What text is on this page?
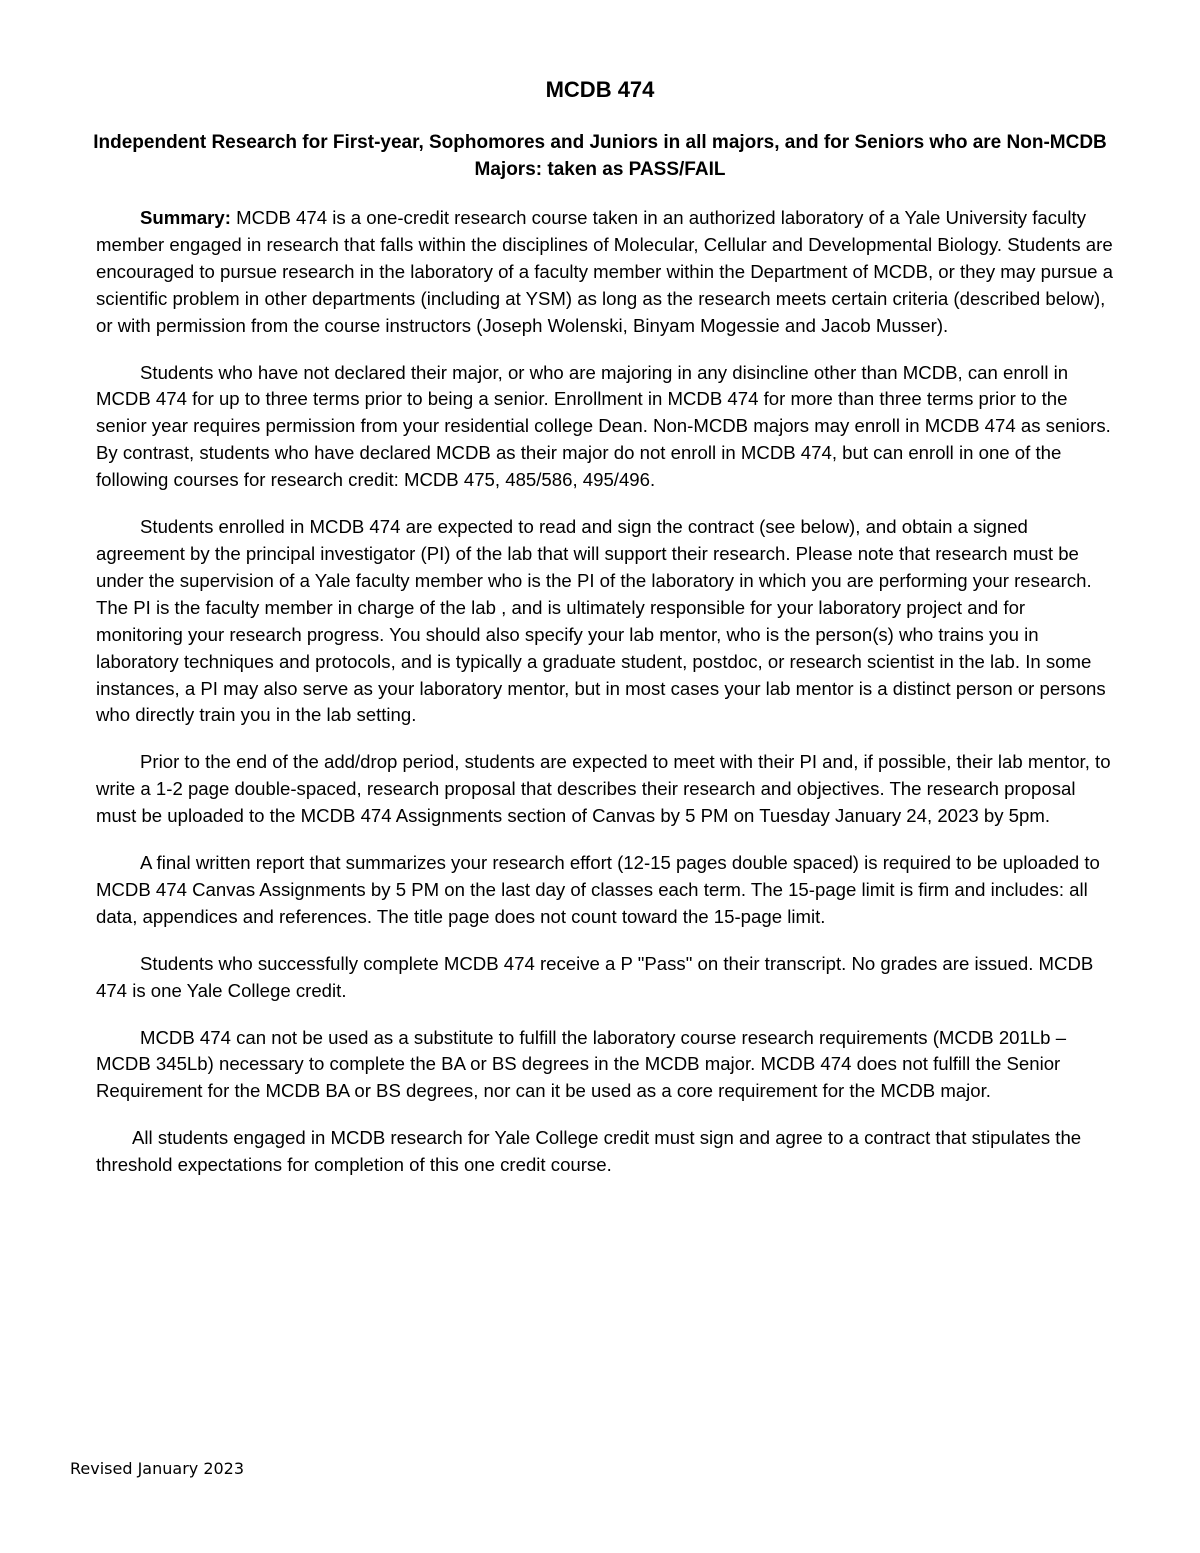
MCDB 474
Independent Research for First-year, Sophomores and Juniors in all majors, and for Seniors who are Non-MCDB Majors: taken as PASS/FAIL

Summary: MCDB 474 is a one-credit research course taken in an authorized laboratory of a Yale University faculty member engaged in research that falls within the disciplines of Molecular, Cellular and Developmental Biology. Students are encouraged to pursue research in the laboratory of a faculty member within the Department of MCDB, or they may pursue a scientific problem in other departments (including at YSM) as long as the research meets certain criteria (described below), or with permission from the course instructors (Joseph Wolenski, Binyam Mogessie and Jacob Musser).

Students who have not declared their major, or who are majoring in any disincline other than MCDB, can enroll in MCDB 474 for up to three terms prior to being a senior. Enrollment in MCDB 474 for more than three terms prior to the senior year requires permission from your residential college Dean. Non-MCDB majors may enroll in MCDB 474 as seniors. By contrast, students who have declared MCDB as their major do not enroll in MCDB 474, but can enroll in one of the following courses for research credit: MCDB 475, 485/586, 495/496.

Students enrolled in MCDB 474 are expected to read and sign the contract (see below), and obtain a signed agreement by the principal investigator (PI) of the lab that will support their research. Please note that research must be under the supervision of a Yale faculty member who is the PI of the laboratory in which you are performing your research. The PI is the faculty member in charge of the lab , and is ultimately responsible for your laboratory project and for monitoring your research progress. You should also specify your lab mentor, who is the person(s) who trains you in laboratory techniques and protocols, and is typically a graduate student, postdoc, or research scientist in the lab. In some instances, a PI may also serve as your laboratory mentor, but in most cases your lab mentor is a distinct person or persons who directly train you in the lab setting.

Prior to the end of the add/drop period, students are expected to meet with their PI and, if possible, their lab mentor, to write a 1-2 page double-spaced, research proposal that describes their research and objectives. The research proposal must be uploaded to the MCDB 474 Assignments section of Canvas by 5 PM on Tuesday January 24, 2023 by 5pm.

A final written report that summarizes your research effort (12-15 pages double spaced) is required to be uploaded to MCDB 474 Canvas Assignments by 5 PM on the last day of classes each term. The 15-page limit is firm and includes: all data, appendices and references. The title page does not count toward the 15-page limit.

Students who successfully complete MCDB 474 receive a P "Pass" on their transcript. No grades are issued. MCDB 474 is one Yale College credit.

MCDB 474 can not be used as a substitute to fulfill the laboratory course research requirements (MCDB 201Lb – MCDB 345Lb) necessary to complete the BA or BS degrees in the MCDB major. MCDB 474 does not fulfill the Senior Requirement for the MCDB BA or BS degrees, nor can it be used as a core requirement for the MCDB major.

All students engaged in MCDB research for Yale College credit must sign and agree to a contract that stipulates the threshold expectations for completion of this one credit course.

Revised January 2023
